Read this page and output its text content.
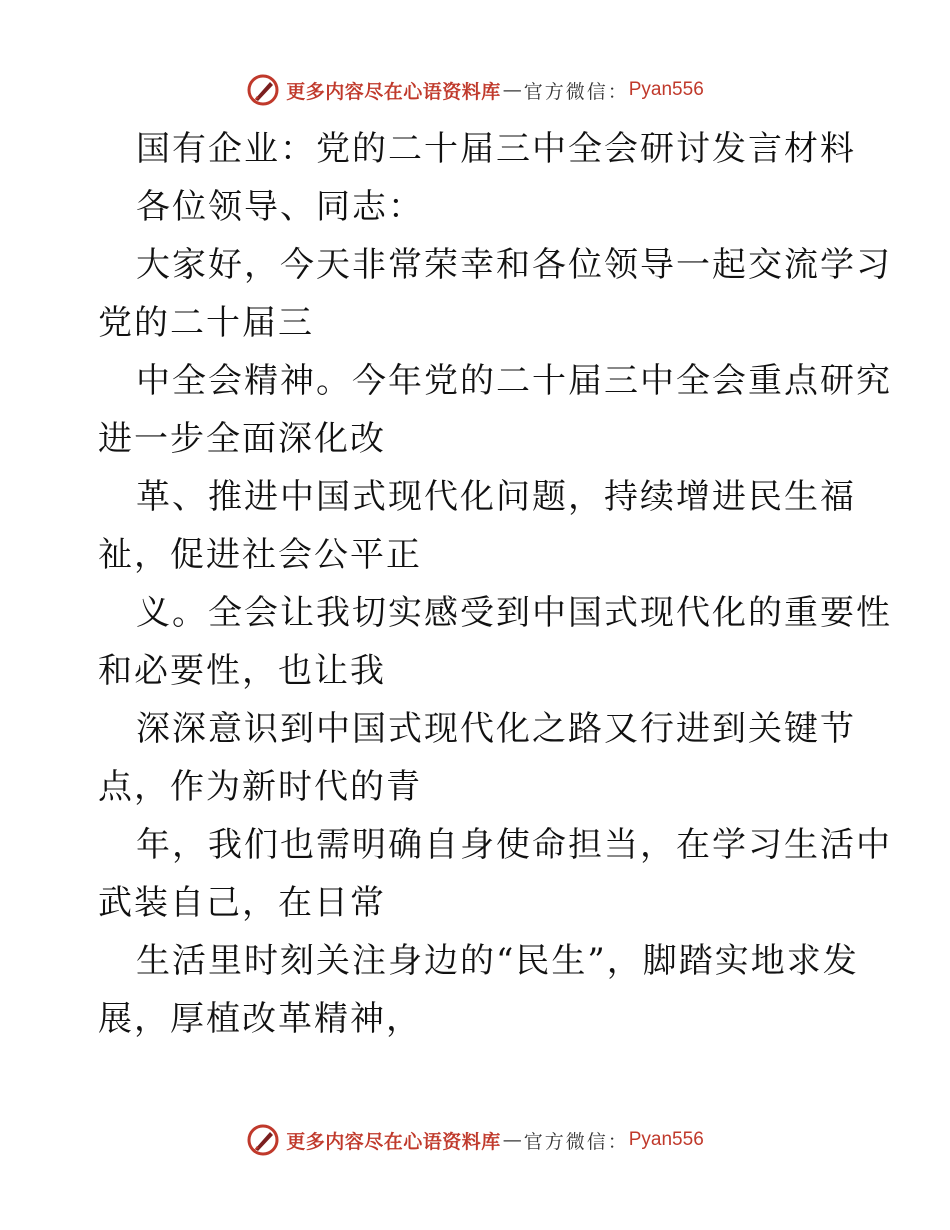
更多内容尽在心语资料库 — 官方微信： Pyan556
国有企业：党的二十届三中全会研讨发言材料
各位领导、同志：
大家好，今天非常荣幸和各位领导一起交流学习
党的二十届三
中全会精神。今年党的二十届三中全会重点研究
进一步全面深化改
革、推进中国式现代化问题，持续增进民生福
祉，促进社会公平正
义。全会让我切实感受到中国式现代化的重要性
和必要性，也让我
深深意识到中国式现代化之路又行进到关键节
点，作为新时代的青
年，我们也需明确自身使命担当，在学习生活中
武装自己，在日常
生活里时刻关注身边的“民生”，脚踏实地求发
展，厚植改革精神，
更多内容尽在心语资料库 — 官方微信： Pyan556
